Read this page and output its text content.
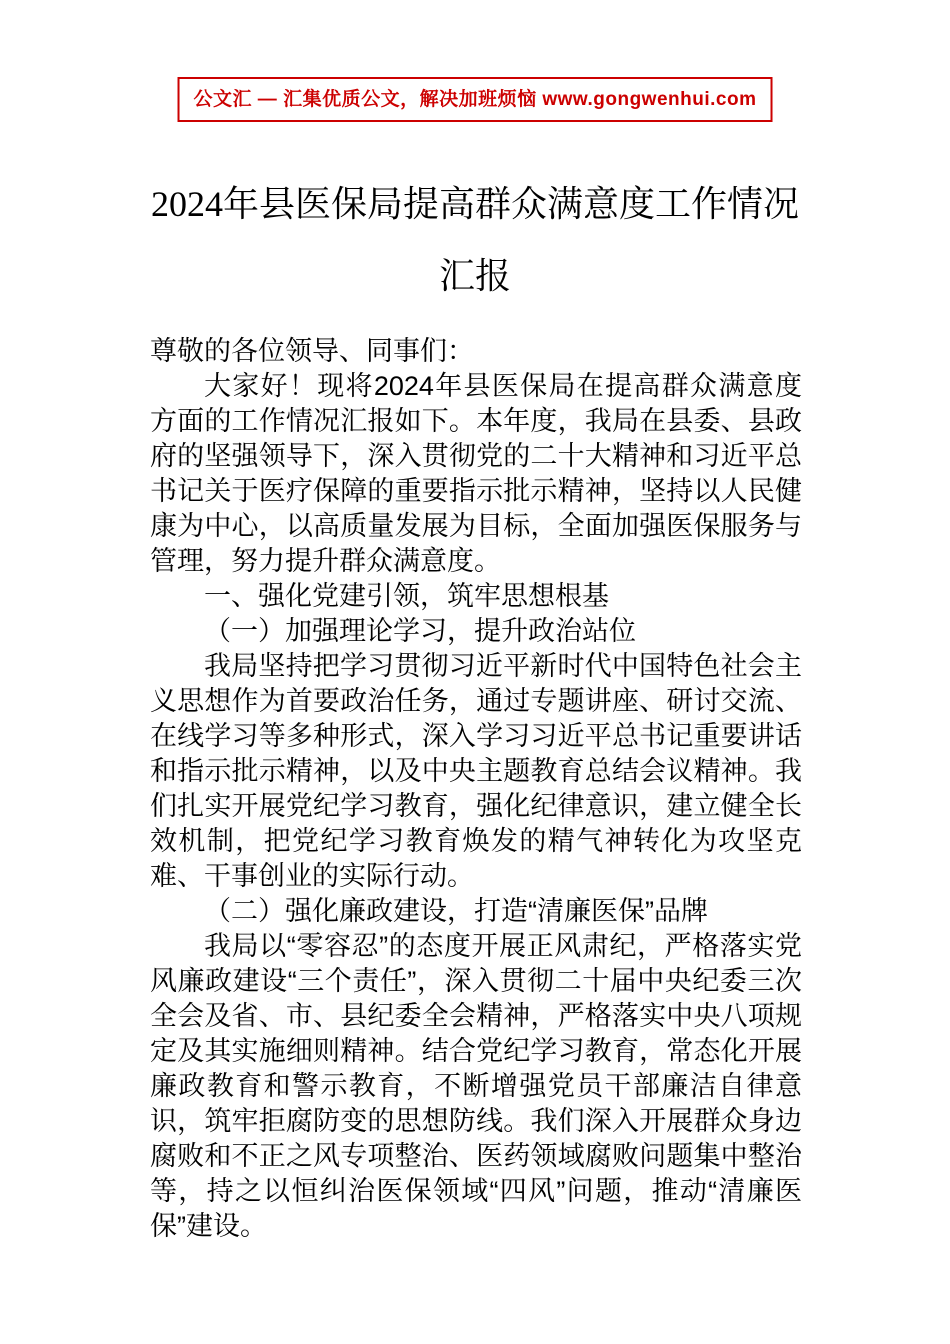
公文汇 — 汇集优质公文，解决加班烦恼 www.gongwenhui.com
2024年县医保局提高群众满意度工作情况汇报

尊敬的各位领导、同事们：

大家好！现将2024年县医保局在提高群众满意度方面的工作情况汇报如下。本年度，我局在县委、县政府的坚强领导下，深入贯彻党的二十大精神和习近平总书记关于医疗保障的重要指示批示精神，坚持以人民健康为中心，以高质量发展为目标，全面加强医保服务与管理，努力提升群众满意度。

一、强化党建引领，筑牢思想根基

（一）加强理论学习，提升政治站位

我局坚持把学习贯彻习近平新时代中国特色社会主义思想作为首要政治任务，通过专题讲座、研讨交流、在线学习等多种形式，深入学习习近平总书记重要讲话和指示批示精神，以及中央主题教育总结会议精神。我们扎实开展党纪学习教育，强化纪律意识，建立健全长效机制，把党纪学习教育焕发的精气神转化为攻坚克难、干事创业的实际行动。

（二）强化廉政建设，打造“清廉医保”品牌

我局以“零容忍”的态度开展正风肃纪，严格落实党风廉政建设“三个责任”，深入贯彻二十届中央纪委三次全会及省、市、县纪委全会精神，严格落实中央八项规定及其实施细则精神。结合党纪学习教育，常态化开展廉政教育和警示教育，不断增强党员干部廉洁自律意识，筑牢拒腐防变的思想防线。我们深入开展群众身边腐败和不正之风专项整治、医药领域腐败问题集中整治等，持之以恒纠治医保领域“四风”问题，推动“清廉医保”建设。
